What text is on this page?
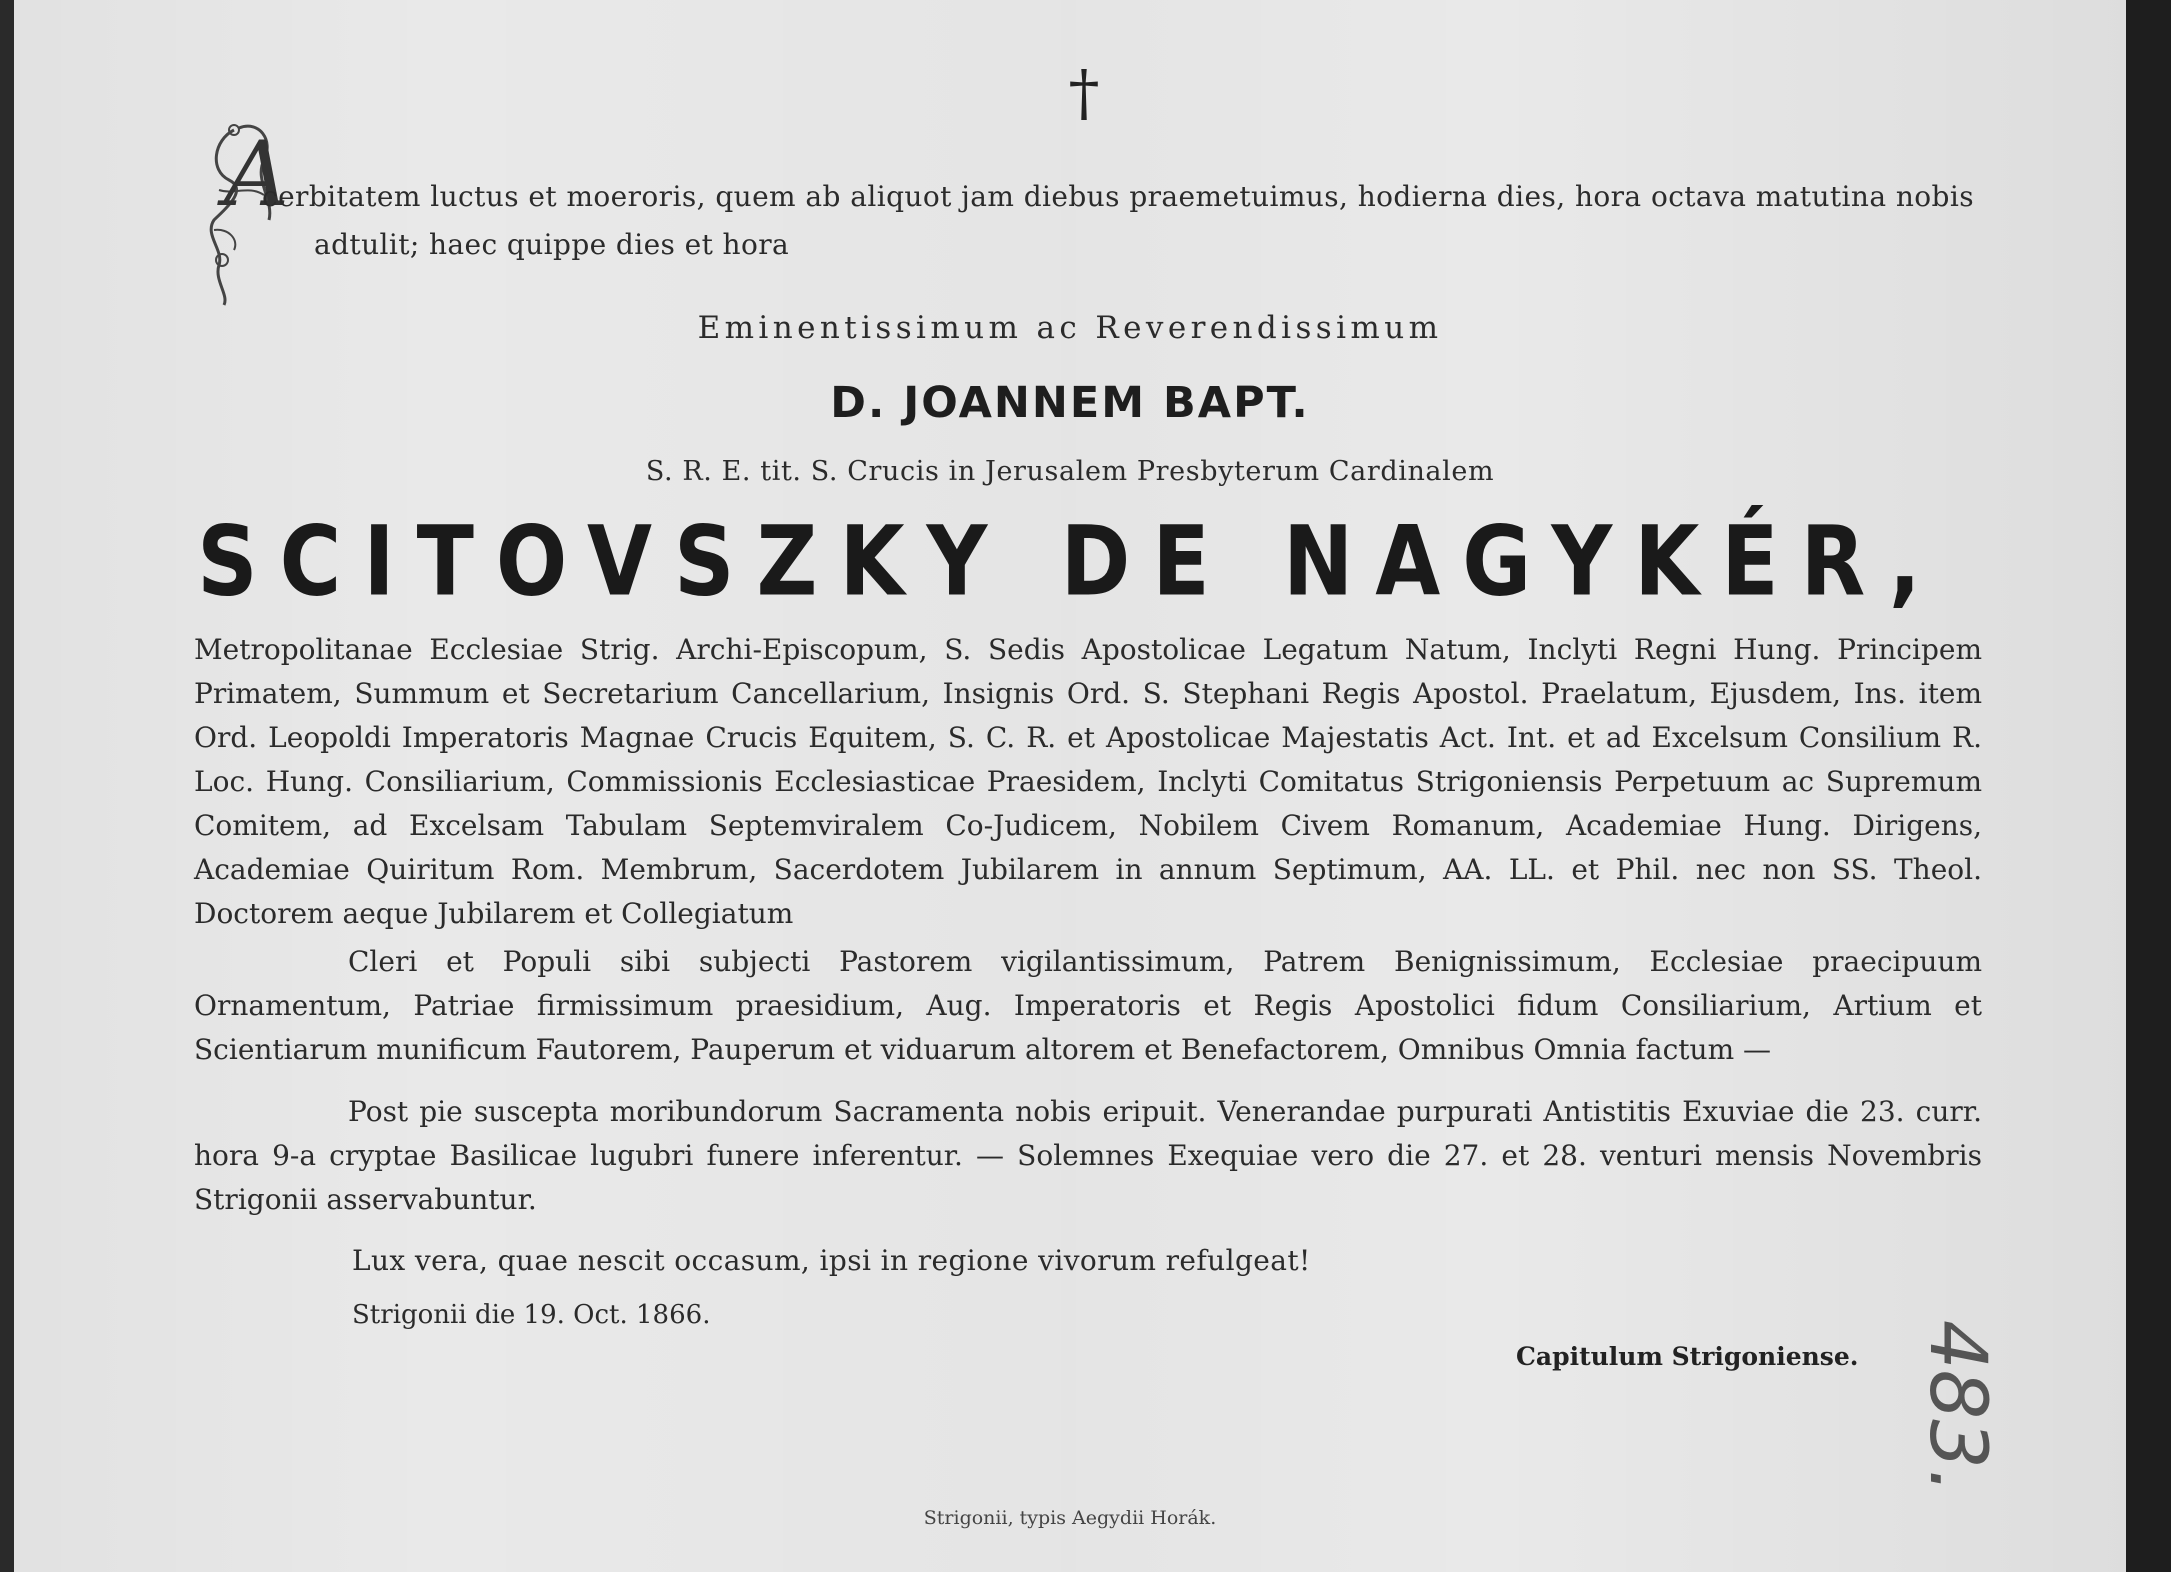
†
A
cerbitatem luctus et moeroris, quem ab aliquot jam diebus praemetuimus, hodierna dies, hora octava matutina nobis
adtulit; haec quippe dies et hora
Eminentissimum ac Reverendissimum
D. JOANNEM BAPT.
S. R. E. tit. S. Crucis in Jerusalem Presbyterum Cardinalem
SCITOVSZKY DE NAGYKÉR,
Metropolitanae Ecclesiae Strig. Archi-Episcopum, S. Sedis Apostolicae Legatum Natum, Inclyti Regni Hung. Principem Primatem, Summum et Secretarium Cancellarium, Insignis Ord. S. Stephani Regis Apostol. Praelatum, Ejusdem, Ins. item Ord. Leopoldi Imperatoris Magnae Crucis Equitem, S. C. R. et Apostolicae Majestatis Act. Int. et ad Excelsum Consilium R. Loc. Hung. Consiliarium, Commissionis Ecclesiasticae Praesidem, Inclyti Comitatus Strigoniensis Perpetuum ac Supremum Comitem, ad Excelsam Tabulam Septemviralem Co-Judicem, Nobilem Civem Romanum, Academiae Hung. Dirigens, Academiae Quiritum Rom. Membrum, Sacerdotem Jubilarem in annum Septimum, AA. LL. et Phil. nec non SS. Theol. Doctorem aeque Jubilarem et Collegiatum
Cleri et Populi sibi subjecti Pastorem vigilantissimum, Patrem Benignissimum, Ecclesiae praecipuum Ornamentum, Patriae firmissimum praesidium, Aug. Imperatoris et Regis Apostolici fidum Consiliarium, Artium et Scientiarum munificum Fautorem, Pauperum et viduarum altorem et Benefactorem, Omnibus Omnia factum —
Post pie suscepta moribundorum Sacramenta nobis eripuit. Venerandae purpurati Antistitis Exuviae die 23. curr. hora 9-a cryptae Basilicae lugubri funere inferentur. — Solemnes Exequiae vero die 27. et 28. venturi mensis Novembris Strigonii asservabuntur.
Lux vera, quae nescit occasum, ipsi in regione vivorum refulgeat!
Strigonii die 19. Oct. 1866.
Capitulum Strigoniense.
Strigonii, typis Aegydii Horák.
483.
